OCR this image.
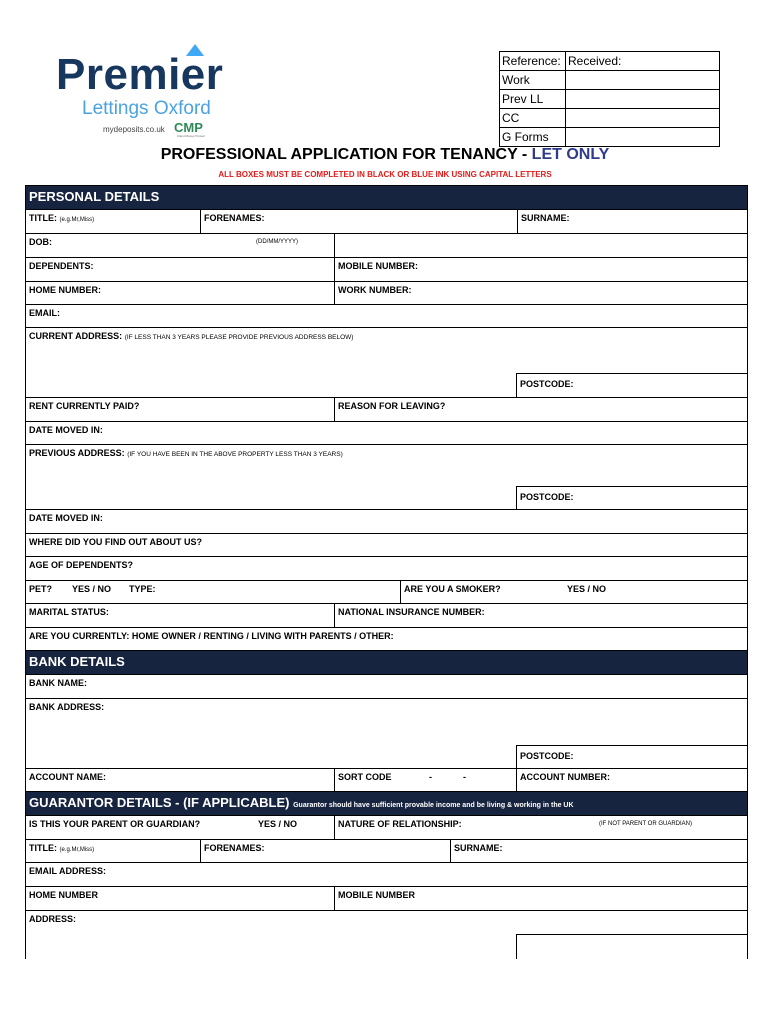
Premier
Lettings Oxford
mydeposits.co.uk CMP
Client Money Protect
Reference:	Received:
Work	
Prev LL	
CC	
G Forms	
PROFESSIONAL APPLICATION FOR TENANCY - LET ONLY
ALL BOXES MUST BE COMPLETED IN BLACK OR BLUE INK USING CAPITAL LETTERS
PERSONAL DETAILS
TITLE: (e.g.Mr,Miss)	FORENAMES:	SURNAME:
DOB:	(DD/MM/YYYY)
DEPENDENTS:	MOBILE NUMBER:
HOME NUMBER:	WORK NUMBER:
EMAIL:
CURRENT ADDRESS: (IF LESS THAN 3 YEARS PLEASE PROVIDE PREVIOUS ADDRESS BELOW)
POSTCODE:
RENT CURRENTLY PAID?	REASON FOR LEAVING?
DATE MOVED IN:
PREVIOUS ADDRESS: (IF YOU HAVE BEEN IN THE ABOVE PROPERTY LESS THAN 3 YEARS)
POSTCODE:
DATE MOVED IN:
WHERE DID YOU FIND OUT ABOUT US?
AGE OF DEPENDENTS?
PET? YES / NO TYPE:	ARE YOU A SMOKER?	YES / NO
MARITAL STATUS:	NATIONAL INSURANCE NUMBER:
ARE YOU CURRENTLY: HOME OWNER / RENTING / LIVING WITH PARENTS / OTHER:
BANK DETAILS
BANK NAME:
BANK ADDRESS:
POSTCODE:
ACCOUNT NAME:	SORT CODE	-	-	ACCOUNT NUMBER:
GUARANTOR DETAILS - (IF APPLICABLE) Guarantor should have sufficient provable income and be living & working in the UK
IS THIS YOUR PARENT OR GUARDIAN?	YES / NO	NATURE OF RELATIONSHIP:	(IF NOT PARENT OR GUARDIAN)
TITLE: (e.g.Mr,Miss)	FORENAMES:	SURNAME:
EMAIL ADDRESS:
HOME NUMBER	MOBILE NUMBER
ADDRESS:
